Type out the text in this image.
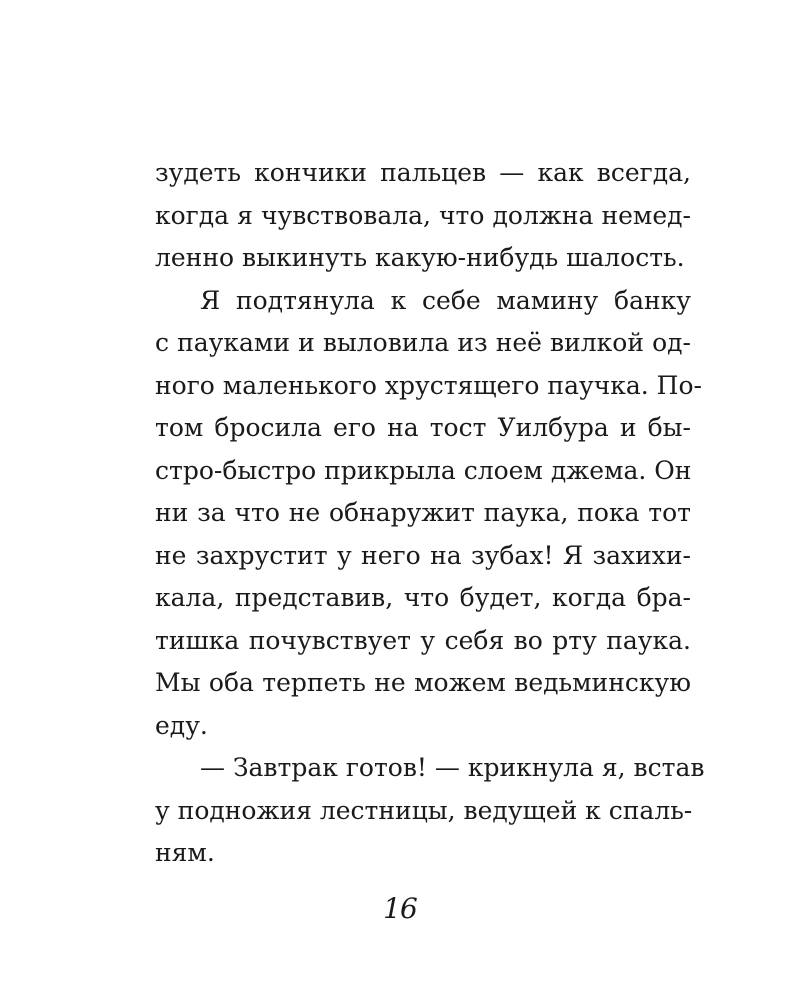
зудеть кончики пальцев — как всегда,
когда я чувствовала, что должна немед-
ленно выкинуть какую-нибудь шалость.
Я подтянула к себе мамину банку
с пауками и выловила из неё вилкой од-
ного маленького хрустящего паучка. По-
том бросила его на тост Уилбура и бы-
стро-быстро прикрыла слоем джема. Он
ни за что не обнаружит паука, пока тот
не захрустит у него на зубах! Я захихи-
кала, представив, что будет, когда бра-
тишка почувствует у себя во рту паука.
Мы оба терпеть не можем ведьминскую
еду.
— Завтрак готов! — крикнула я, встав
у подножия лестницы, ведущей к спаль-
ням.
16
